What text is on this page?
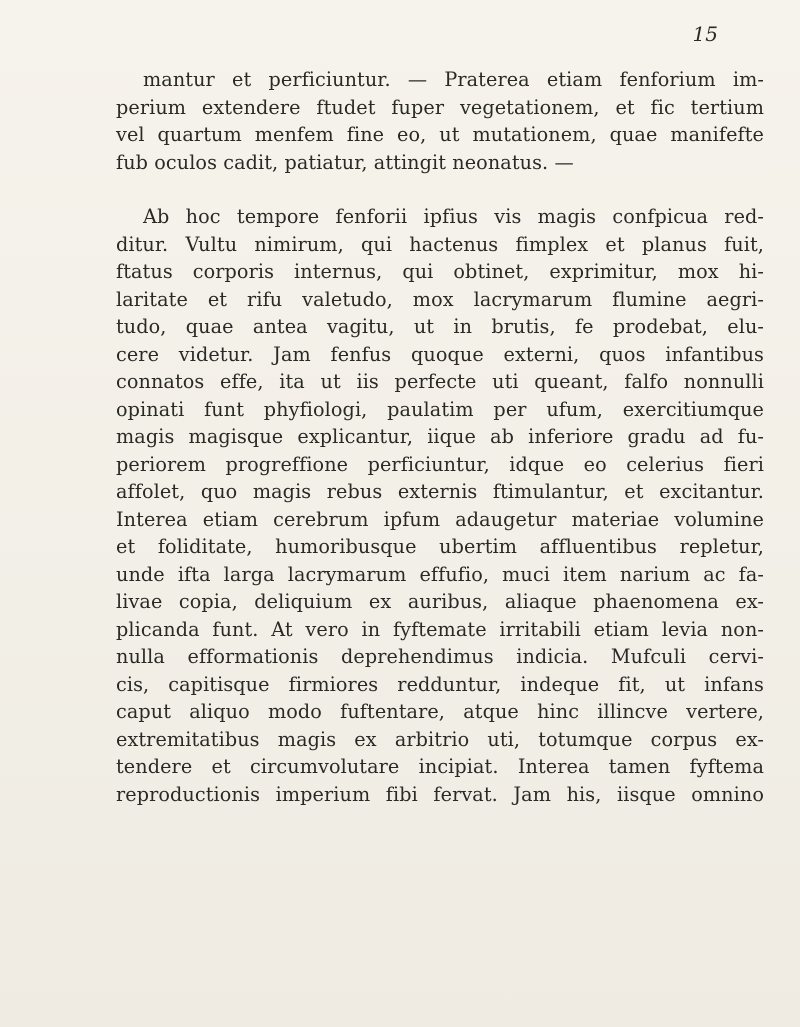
15
mantur et perficiuntur. — Praterea etiam fenforium im-
perium extendere ftudet fuper vegetationem, et fic tertium
vel quartum menfem fine eo, ut mutationem, quae manifefte
fub oculos cadit, patiatur, attingit neonatus. —
Ab hoc tempore fenforii ipfius vis magis confpicua red-
ditur. Vultu nimirum, qui hactenus fimplex et planus fuit,
ftatus corporis internus, qui obtinet, exprimitur, mox hi-
laritate et rifu valetudo, mox lacrymarum flumine aegri-
tudo, quae antea vagitu, ut in brutis, fe prodebat, elu-
cere videtur. Jam fenfus quoque externi, quos infantibus
connatos effe, ita ut iis perfecte uti queant, falfo nonnulli
opinati funt phyfiologi, paulatim per ufum, exercitiumque
magis magisque explicantur, iique ab inferiore gradu ad fu-
periorem progreffione perficiuntur, idque eo celerius fieri
affolet, quo magis rebus externis ftimulantur, et excitantur.
Interea etiam cerebrum ipfum adaugetur materiae volumine
et foliditate, humoribusque ubertim affluentibus repletur,
unde ifta larga lacrymarum effufio, muci item narium ac fa-
livae copia, deliquium ex auribus, aliaque phaenomena ex-
plicanda funt. At vero in fyftemate irritabili etiam levia non-
nulla efformationis deprehendimus indicia. Mufculi cervi-
cis, capitisque firmiores redduntur, indeque fit, ut infans
caput aliquo modo fuftentare, atque hinc illincve vertere,
extremitatibus magis ex arbitrio uti, totumque corpus ex-
tendere et circumvolutare incipiat. Interea tamen fyftema
reproductionis imperium fibi fervat. Jam his, iisque omnino
